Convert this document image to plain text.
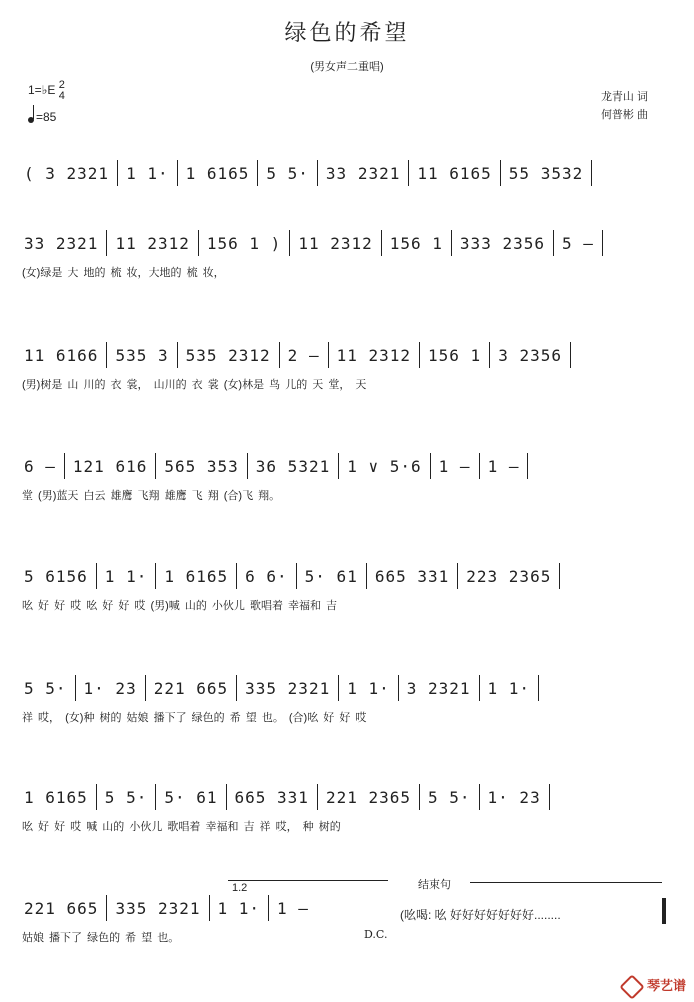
绿色的希望
(男女声二重唱)
1=♭E 2
4
=85
龙青山 词
何普彬 曲
( 3 2321 1 1· 1 6165 5 5· 33 2321 11 6165 55 3532
33 2321 11 2312 156 1 ) 11 2312 156 1 333 2356 5 –
(女)绿是 大 地的 梳 妆，大地的 梳 妆，
11 6166 535 3 535 2312 2 – 11 2312 156 1 3 2356
(男)树是 山 川的 衣 裳， 山川的 衣 裳 (女)林是 鸟 儿的 天 堂， 天
6 – 121 616 565 353 36 5321 1 ∨ 5·6 1 – 1 –
堂 (男)蓝天 白云 雄鹰 飞翔 雄鹰 飞 翔 (合)飞 翔。
5 6156 1 1· 1 6165 6 6· 5· 61 665 331 223 2365
吆 好 好 哎 吆 好 好 哎 (男)喊 山的 小伙儿 歌唱着 幸福和 吉
5 5· 1· 23 221 665 335 2321 1 1· 3 2321 1 1·
祥 哎， (女)种 树的 姑娘 播下了 绿色的 希 望 也。 (合)吆 好 好 哎
1 6165 5 5· 5· 61 665 331 221 2365 5 5· 1· 23
吆 好 好 哎 喊 山的 小伙儿 歌唱着 幸福和 吉 祥 哎， 种 树的
221 665 335 2321 1 1· 1 –
姑娘 播下了 绿色的 希 望 也。
1.2	结束句
(吆喝: 吆 好好好好好好好........
D.C.
琴艺谱
